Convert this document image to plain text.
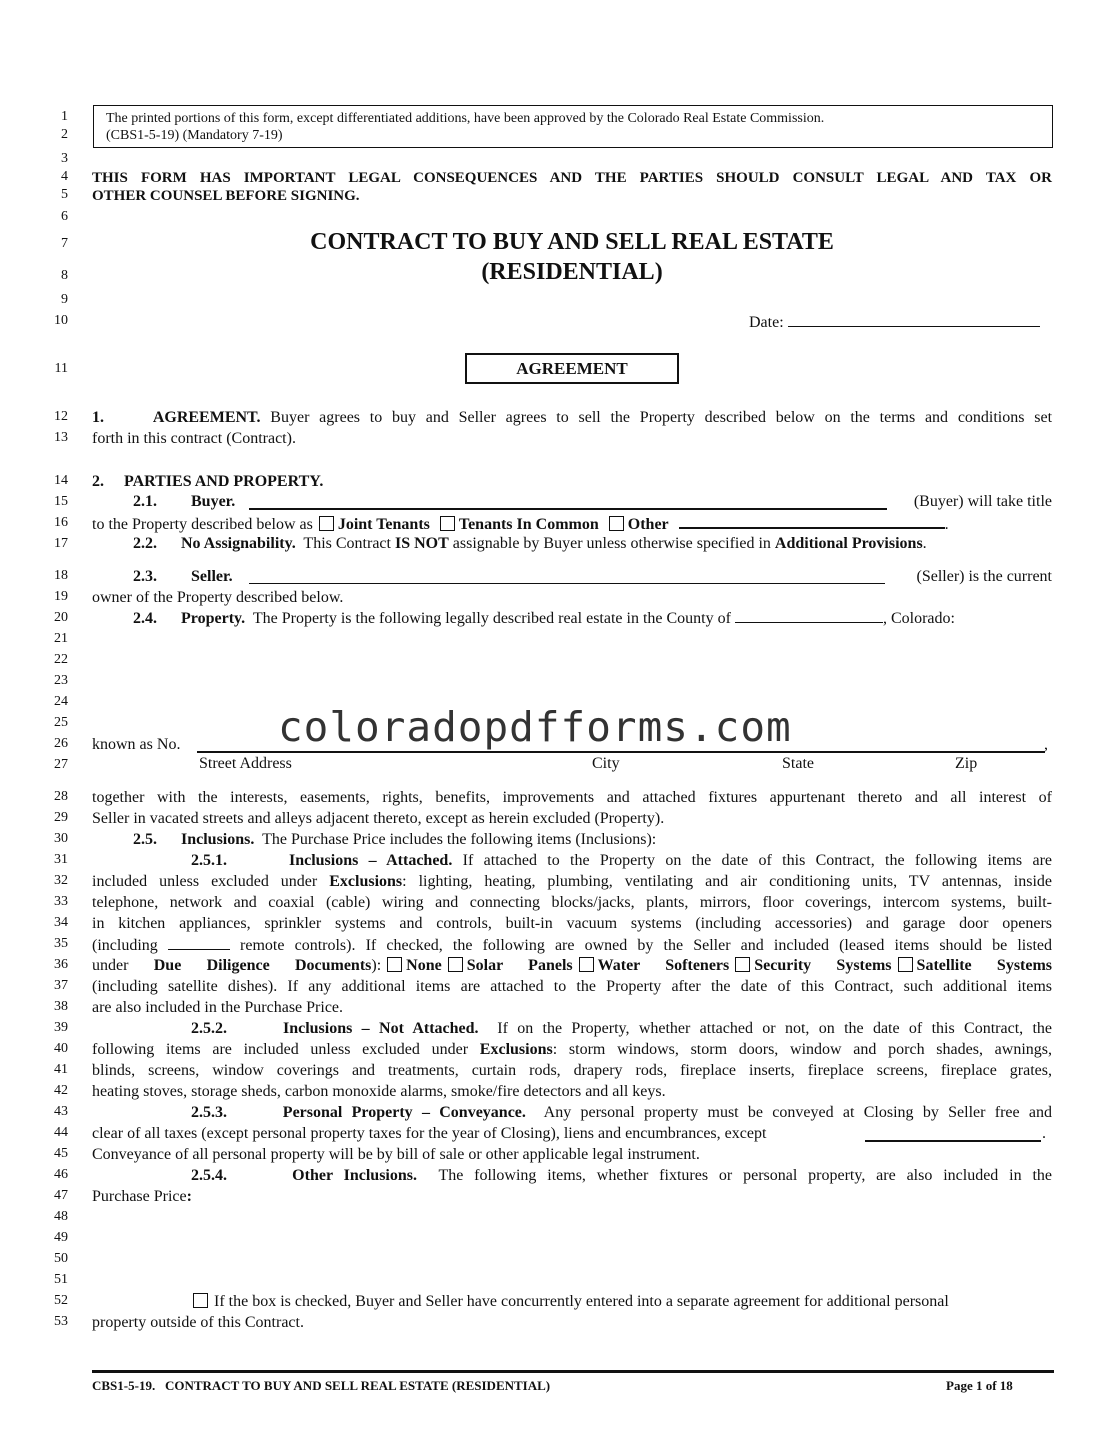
1
2
3
4
5
6
7
8
9
10
11
12
13
14
15
16
17
18
19
20
21
22
23
24
25
26
27
28
29
30
31
32
33
34
35
36
37
38
39
40
41
42
43
44
45
46
47
48
49
50
51
52
53
The printed portions of this form, except differentiated additions, have been approved by the Colorado Real Estate Commission.
(CBS1-5-19) (Mandatory 7-19)
THIS FORM HAS IMPORTANT LEGAL CONSEQUENCES AND THE PARTIES SHOULD CONSULT LEGAL AND TAX OR
OTHER COUNSEL BEFORE SIGNING.
CONTRACT TO BUY AND SELL REAL ESTATE
(RESIDENTIAL)
Date:
AGREEMENT
1.	AGREEMENT. Buyer agrees to buy and Seller agrees to sell the Property described below on the terms and conditions set
forth in this contract (Contract).
2.     PARTIES AND PROPERTY.
2.1. Buyer.	(Buyer) will take title
to the Property described below as Joint Tenants Tenants In Common Other	.
2.2. No Assignability. This Contract IS NOT assignable by Buyer unless otherwise specified in Additional Provisions.
2.3. Seller.	(Seller) is the current
owner of the Property described below.
2.4. Property. The Property is the following legally described real estate in the County of	, Colorado:
coloradopdfforms.com
known as No.	,
Street Address	City	State	Zip
together with the interests, easements, rights, benefits, improvements and attached fixtures appurtenant thereto and all interest of
Seller in vacated streets and alleys adjacent thereto, except as herein excluded (Property).
2.5. Inclusions. The Purchase Price includes the following items (Inclusions):
2.5.1.	Inclusions – Attached. If attached to the Property on the date of this Contract, the following items are
included unless excluded under Exclusions: lighting, heating, plumbing, ventilating and air conditioning units, TV antennas, inside
telephone, network and coaxial (cable) wiring and connecting blocks/jacks, plants, mirrors, floor coverings, intercom systems, built-
in kitchen appliances, sprinkler systems and controls, built-in vacuum systems (including accessories) and garage door openers
(including	remote controls). If checked, the following are owned by the Seller and included (leased items should be listed
under Due Diligence Documents): None Solar Panels Water Softeners Security Systems Satellite Systems
(including satellite dishes). If any additional items are attached to the Property after the date of this Contract, such additional items
are also included in the Purchase Price.
2.5.2.	Inclusions – Not Attached. If on the Property, whether attached or not, on the date of this Contract, the
following items are included unless excluded under Exclusions: storm windows, storm doors, window and porch shades, awnings,
blinds, screens, window coverings and treatments, curtain rods, drapery rods, fireplace inserts, fireplace screens, fireplace grates,
heating stoves, storage sheds, carbon monoxide alarms, smoke/fire detectors and all keys.
2.5.3.	Personal Property – Conveyance. Any personal property must be conveyed at Closing by Seller free and
clear of all taxes (except personal property taxes for the year of Closing), liens and encumbrances, except	.
Conveyance of all personal property will be by bill of sale or other applicable legal instrument.
2.5.4.	Other Inclusions. The following items, whether fixtures or personal property, are also included in the
Purchase Price:
If the box is checked, Buyer and Seller have concurrently entered into a separate agreement for additional personal
property outside of this Contract.
CBS1-5-19.   CONTRACT TO BUY AND SELL REAL ESTATE (RESIDENTIAL)	Page 1 of 18
